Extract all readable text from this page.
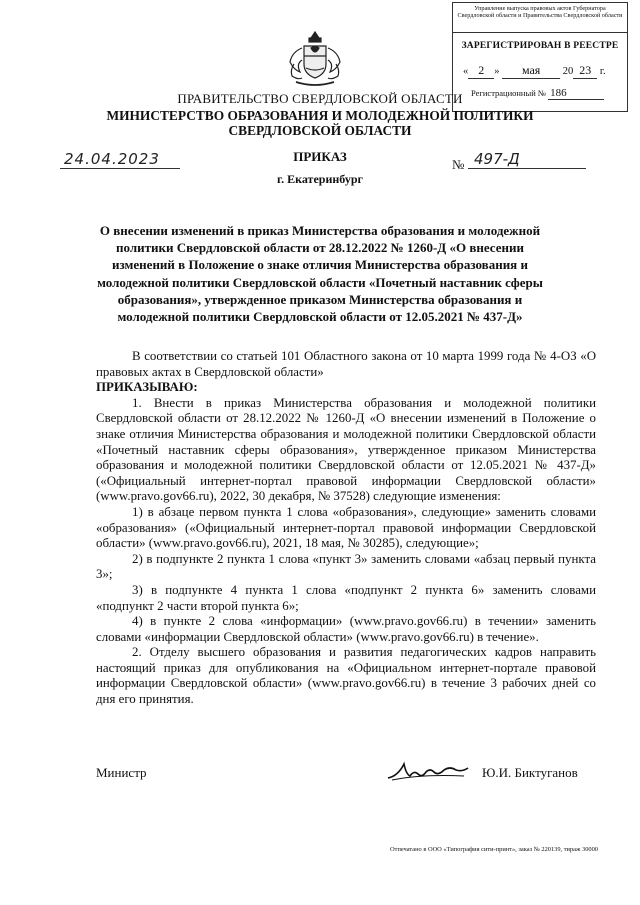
Управление выпуска правовых актов Губернатора Свердловской области и Правительства Свердловской области
ЗАРЕГИСТРИРОВАН В РЕЕСТРЕ
« 2 » мая 20 23 г.
Регистрационный № 186
ПРАВИТЕЛЬСТВО СВЕРДЛОВСКОЙ ОБЛАСТИ
МИНИСТЕРСТВО ОБРАЗОВАНИЯ И МОЛОДЕЖНОЙ ПОЛИТИКИ
СВЕРДЛОВСКОЙ ОБЛАСТИ
ПРИКАЗ
24.04.2023	№ 497-Д
г. Екатеринбург
О внесении изменений в приказ Министерства образования и молодежной политики Свердловской области от 28.12.2022 № 1260-Д «О внесении изменений в Положение о знаке отличия Министерства образования и молодежной политики Свердловской области «Почетный наставник сферы образования», утвержденное приказом Министерства образования и молодежной политики Свердловской области от 12.05.2021 № 437-Д»

В соответствии со статьей 101 Областного закона от 10 марта 1999 года № 4-ОЗ «О правовых актах в Свердловской области»

ПРИКАЗЫВАЮ:

1. Внести в приказ Министерства образования и молодежной политики Свердловской области от 28.12.2022 № 1260-Д «О внесении изменений в Положение о знаке отличия Министерства образования и молодежной политики Свердловской области «Почетный наставник сферы образования», утвержденное приказом Министерства образования и молодежной политики Свердловской области от 12.05.2021 № 437-Д» («Официальный интернет-портал правовой информации Свердловской области» (www.pravo.gov66.ru), 2022, 30 декабря, № 37528) следующие изменения:

1) в абзаце первом пункта 1 слова «образования», следующие» заменить словами «образования» («Официальный интернет-портал правовой информации Свердловской области» (www.pravo.gov66.ru), 2021, 18 мая, № 30285), следующие»;

2) в подпункте 2 пункта 1 слова «пункт 3» заменить словами «абзац первый пункта 3»;

3) в подпункте 4 пункта 1 слова «подпункт 2 пункта 6» заменить словами «подпункт 2 части второй пункта 6»;

4) в пункте 2 слова «информации» (www.pravo.gov66.ru) в течении» заменить словами «информации Свердловской области» (www.pravo.gov66.ru) в течение».

2. Отделу высшего образования и развития педагогических кадров направить настоящий приказ для опубликования на «Официальном интернет-портале правовой информации Свердловской области» (www.pravo.gov66.ru) в течение 3 рабочих дней со дня его принятия.

Министр	Ю.И. Биктуганов
Отпечатано в ООО «Типография сити-принт», заказ № 220139, тираж 30000
